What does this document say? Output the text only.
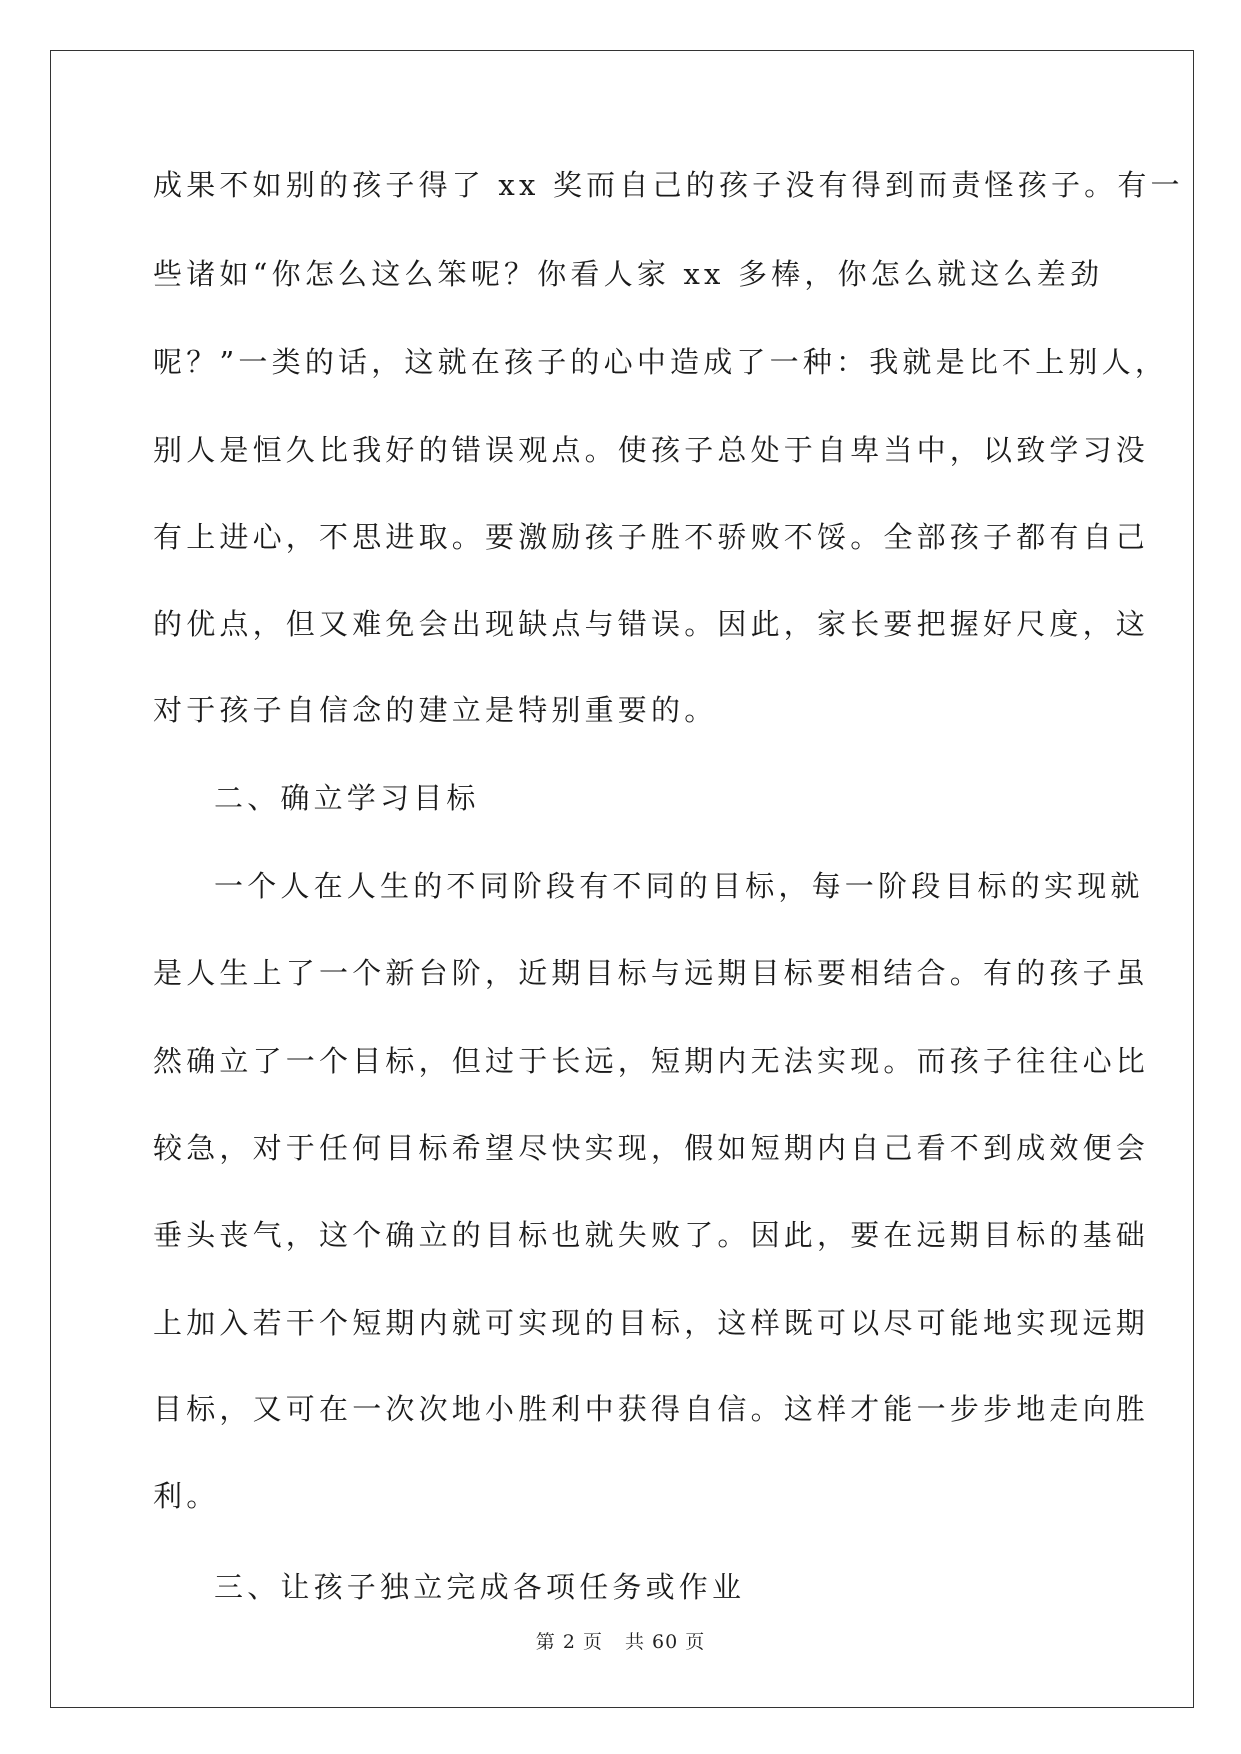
成果不如别的孩子得了 xx 奖而自己的孩子没有得到而责怪孩子。有一
些诸如“你怎么这么笨呢？你看人家 xx 多棒，你怎么就这么差劲
呢？”一类的话，这就在孩子的心中造成了一种：我就是比不上别人，
别人是恒久比我好的错误观点。使孩子总处于自卑当中，以致学习没
有上进心，不思进取。要激励孩子胜不骄败不馁。全部孩子都有自己
的优点，但又难免会出现缺点与错误。因此，家长要把握好尺度，这
对于孩子自信念的建立是特别重要的。
二、确立学习目标
一个人在人生的不同阶段有不同的目标，每一阶段目标的实现就
是人生上了一个新台阶，近期目标与远期目标要相结合。有的孩子虽
然确立了一个目标，但过于长远，短期内无法实现。而孩子往往心比
较急，对于任何目标希望尽快实现，假如短期内自己看不到成效便会
垂头丧气，这个确立的目标也就失败了。因此，要在远期目标的基础
上加入若干个短期内就可实现的目标，这样既可以尽可能地实现远期
目标，又可在一次次地小胜利中获得自信。这样才能一步步地走向胜
利。
三、让孩子独立完成各项任务或作业
第 2 页 共 60 页
